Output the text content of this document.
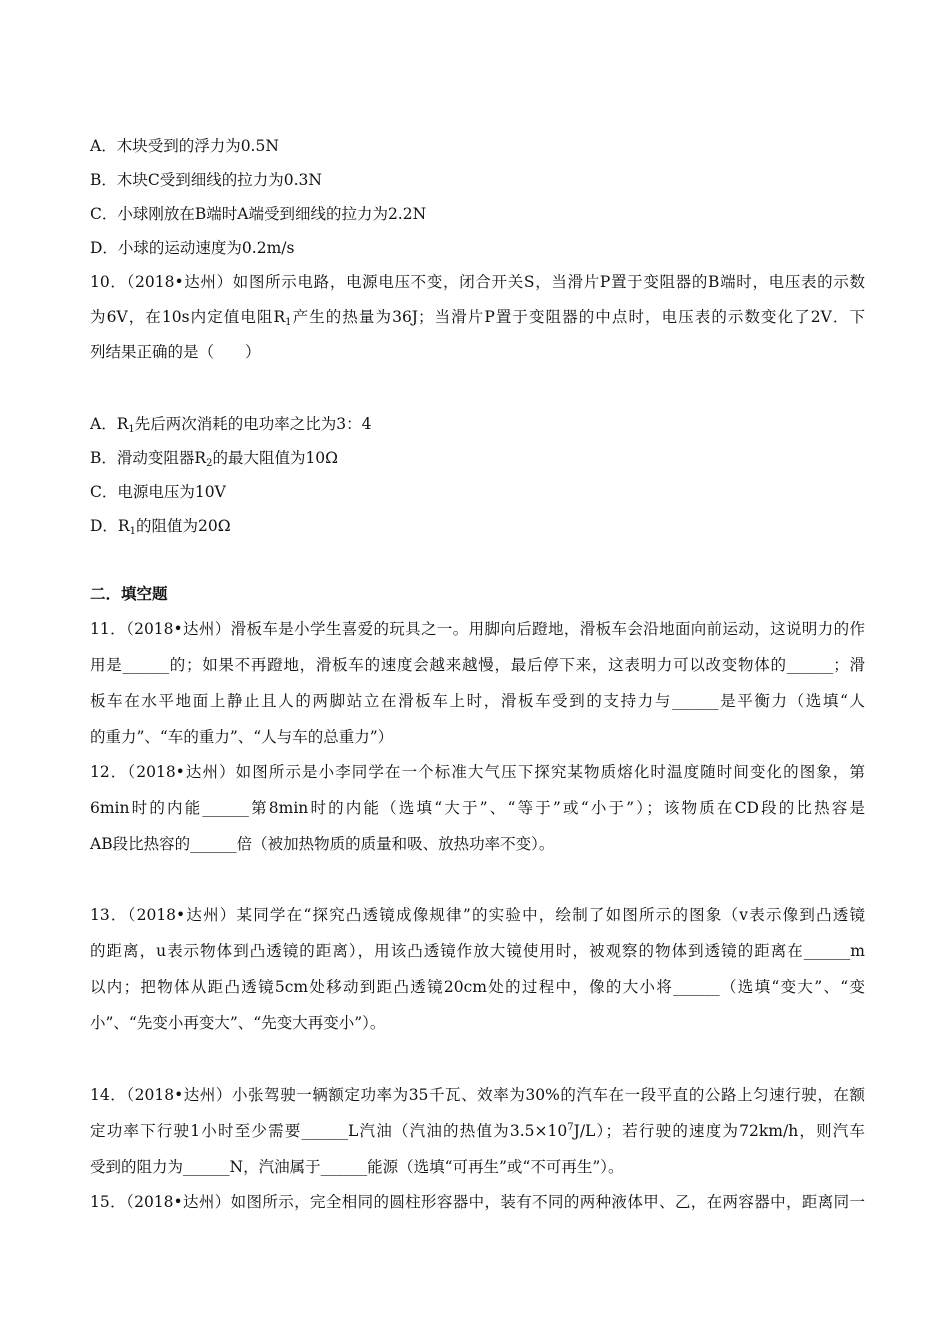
A．木块受到的浮力为0.5N
B．木块C受到细线的拉力为0.3N
C．小球刚放在B端时A端受到细线的拉力为2.2N
D．小球的运动速度为0.2m/s
10．（2018•达州）如图所示电路，电源电压不变，闭合开关S，当滑片P置于变阻器的B端时，电压表的示数
为6V，在10s内定值电阻$R_1$产生的热量为36J；当滑片P置于变阻器的中点时，电压表的示数变化了2V．下
列结果正确的是（　　）
A．$R_1$先后两次消耗的电功率之比为3：4
B．滑动变阻器$R_2$的最大阻值为10Ω
C．电源电压为10V
D．$R_1$的阻值为20Ω
二．填空题
11．（2018•达州）滑板车是小学生喜爱的玩具之一。用脚向后蹬地，滑板车会沿地面向前运动，这说明力的作
用是______的；如果不再蹬地，滑板车的速度会越来越慢，最后停下来，这表明力可以改变物体的______；滑
板车在水平地面上静止且人的两脚站立在滑板车上时，滑板车受到的支持力与______是平衡力（选填“人
的重力”、“车的重力”、“人与车的总重力”）
12．（2018•达州）如图所示是小李同学在一个标准大气压下探究某物质熔化时温度随时间变化的图象，第
6min时的内能______第8min时的内能（选填“大于”、“等于”或“小于”）；该物质在CD段的比热容是
AB段比热容的______倍（被加热物质的质量和吸、放热功率不变）。
13．（2018•达州）某同学在“探究凸透镜成像规律”的实验中，绘制了如图所示的图象（v表示像到凸透镜
的距离，u表示物体到凸透镜的距离），用该凸透镜作放大镜使用时，被观察的物体到透镜的距离在______m
以内；把物体从距凸透镜5cm处移动到距凸透镜20cm处的过程中，像的大小将______（选填“变大”、“变
小”、“先变小再变大”、“先变大再变小”）。
14．（2018•达州）小张驾驶一辆额定功率为35千瓦、效率为30%的汽车在一段平直的公路上匀速行驶，在额
定功率下行驶1小时至少需要______L汽油（汽油的热值为$3.5\times 10^7J/L$）；若行驶的速度为72km/h，则汽车
受到的阻力为______N，汽油属于______能源（选填“可再生”或“不可再生”）。
15．（2018•达州）如图所示，完全相同的圆柱形容器中，装有不同的两种液体甲、乙，在两容器中，距离同一
